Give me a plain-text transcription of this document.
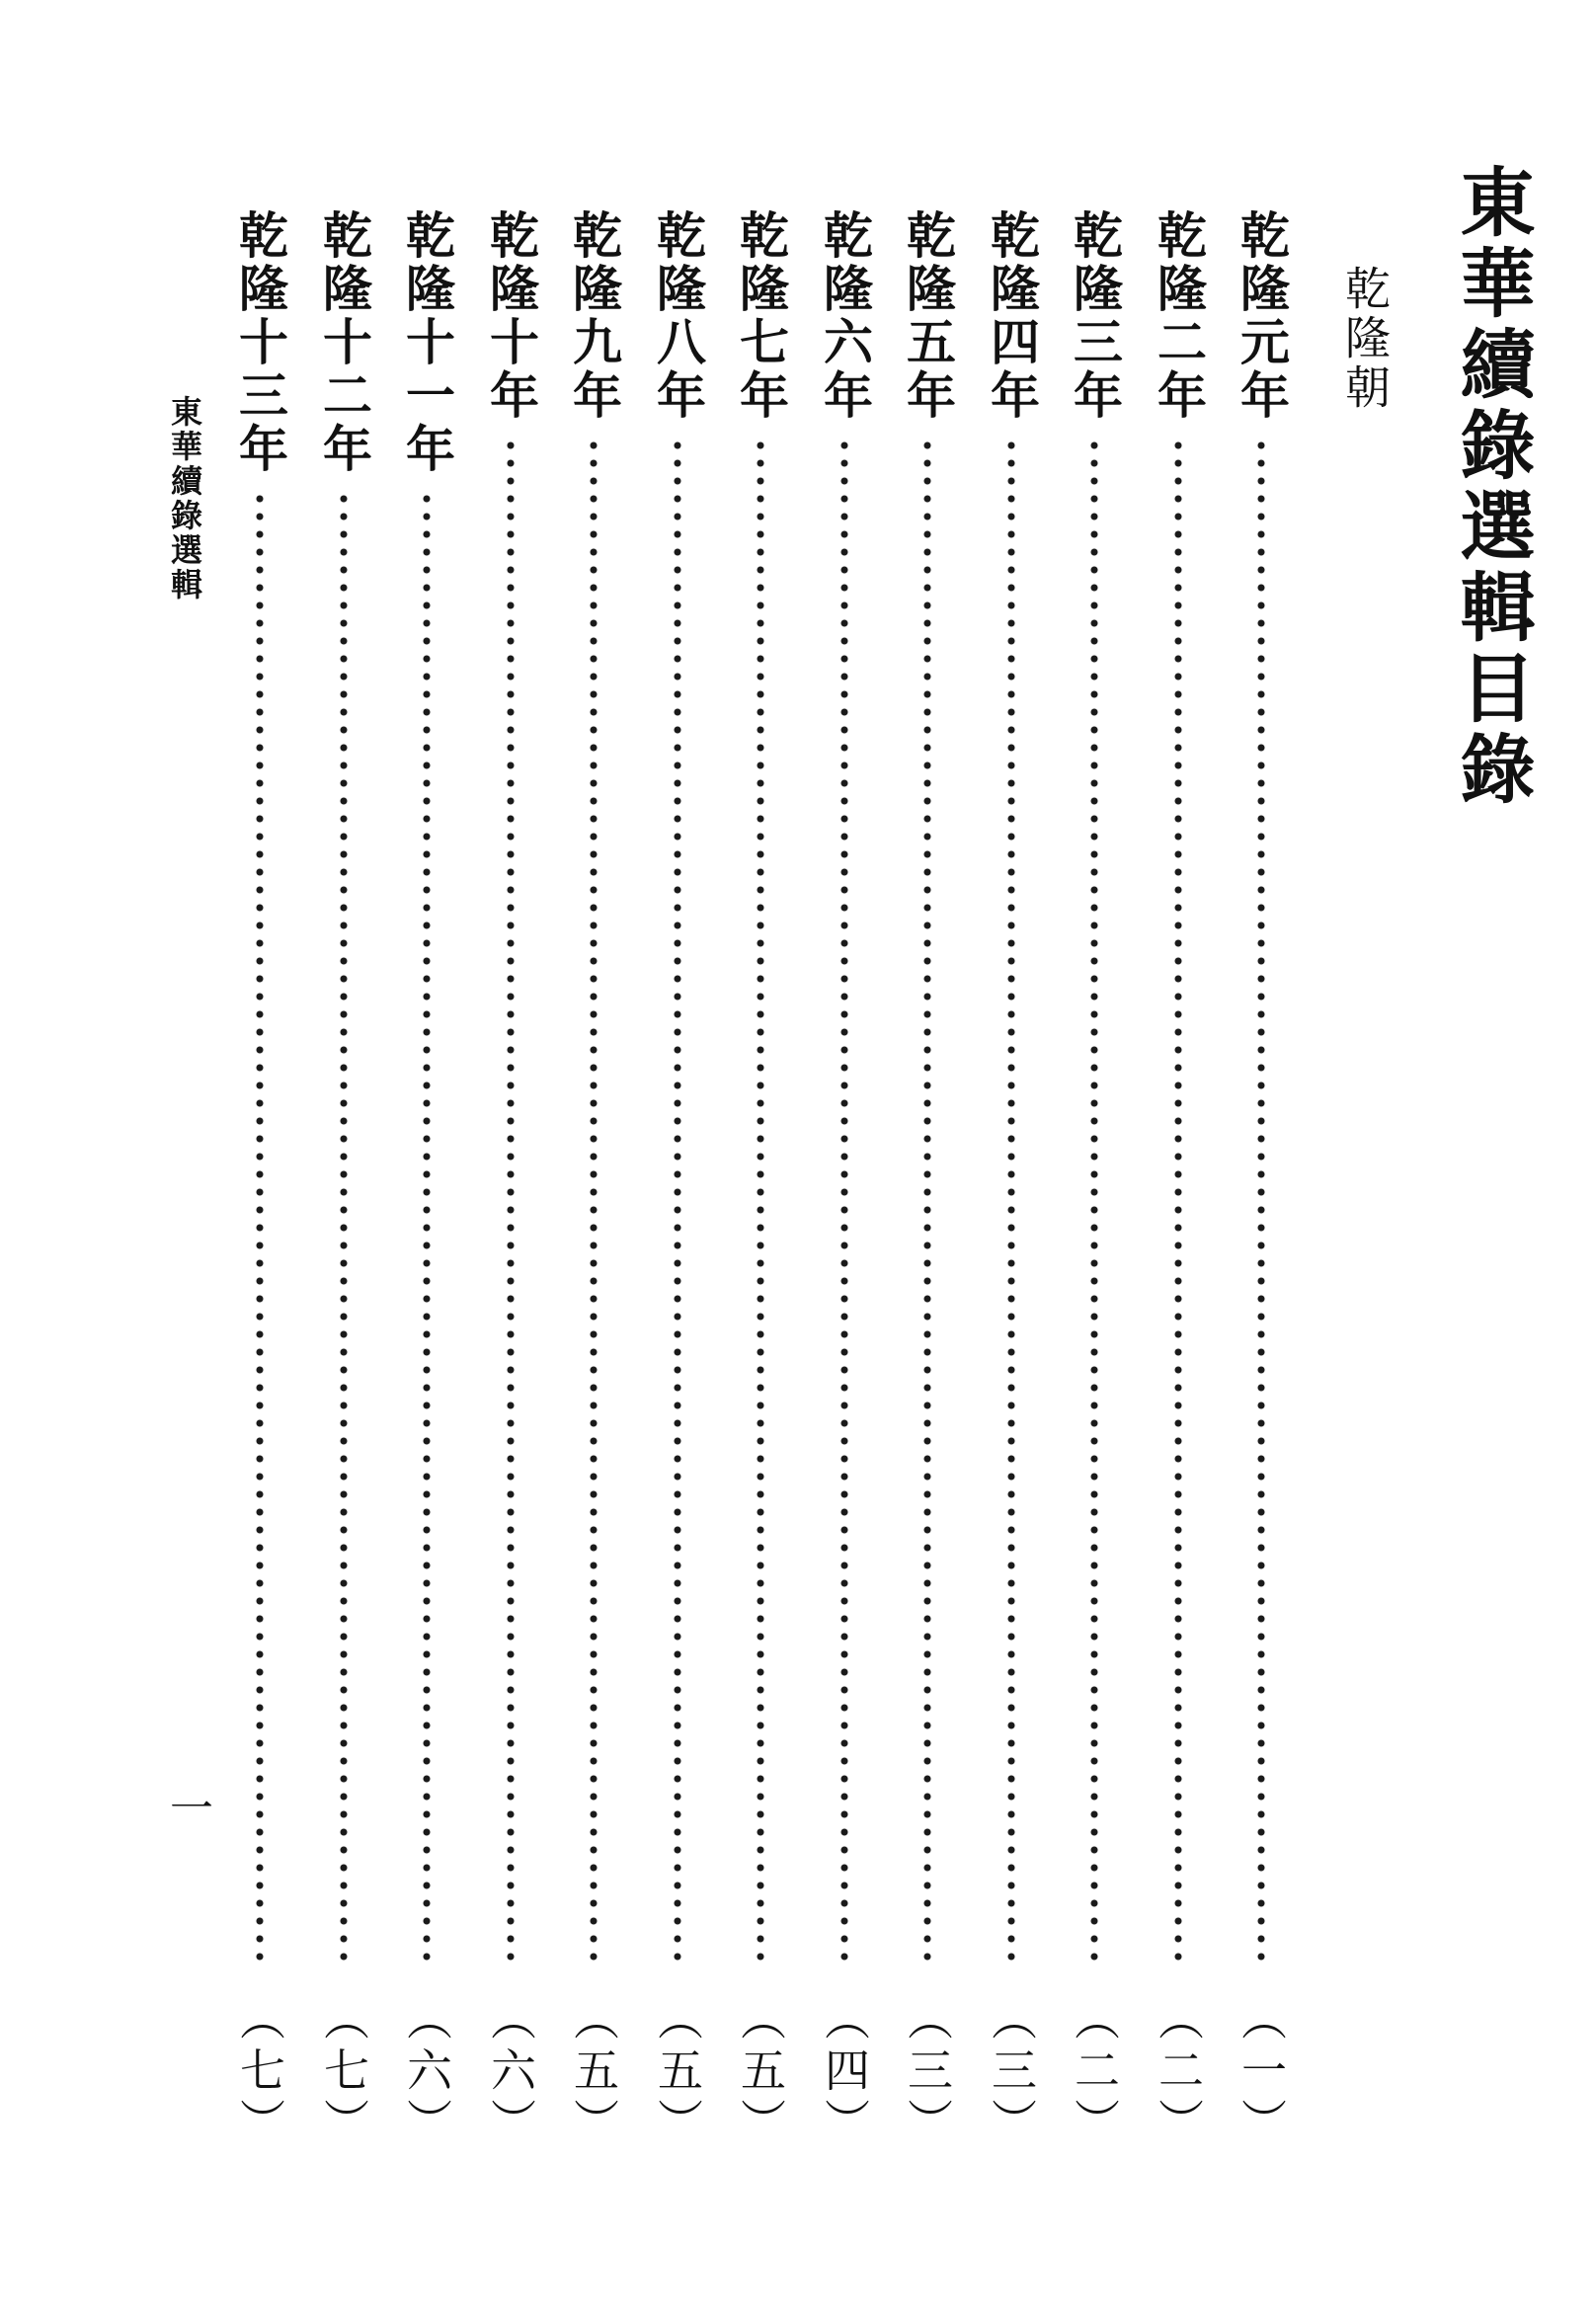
東華續錄選輯目錄
乾隆朝
東華續錄選輯
一
乾隆元年
︵一︶
乾隆二年
︵二︶
乾隆三年
︵二︶
乾隆四年
︵三︶
乾隆五年
︵三︶
乾隆六年
︵四︶
乾隆七年
︵五︶
乾隆八年
︵五︶
乾隆九年
︵五︶
乾隆十年
︵六︶
乾隆十一年
︵六︶
乾隆十二年
︵七︶
乾隆十三年
︵七︶
